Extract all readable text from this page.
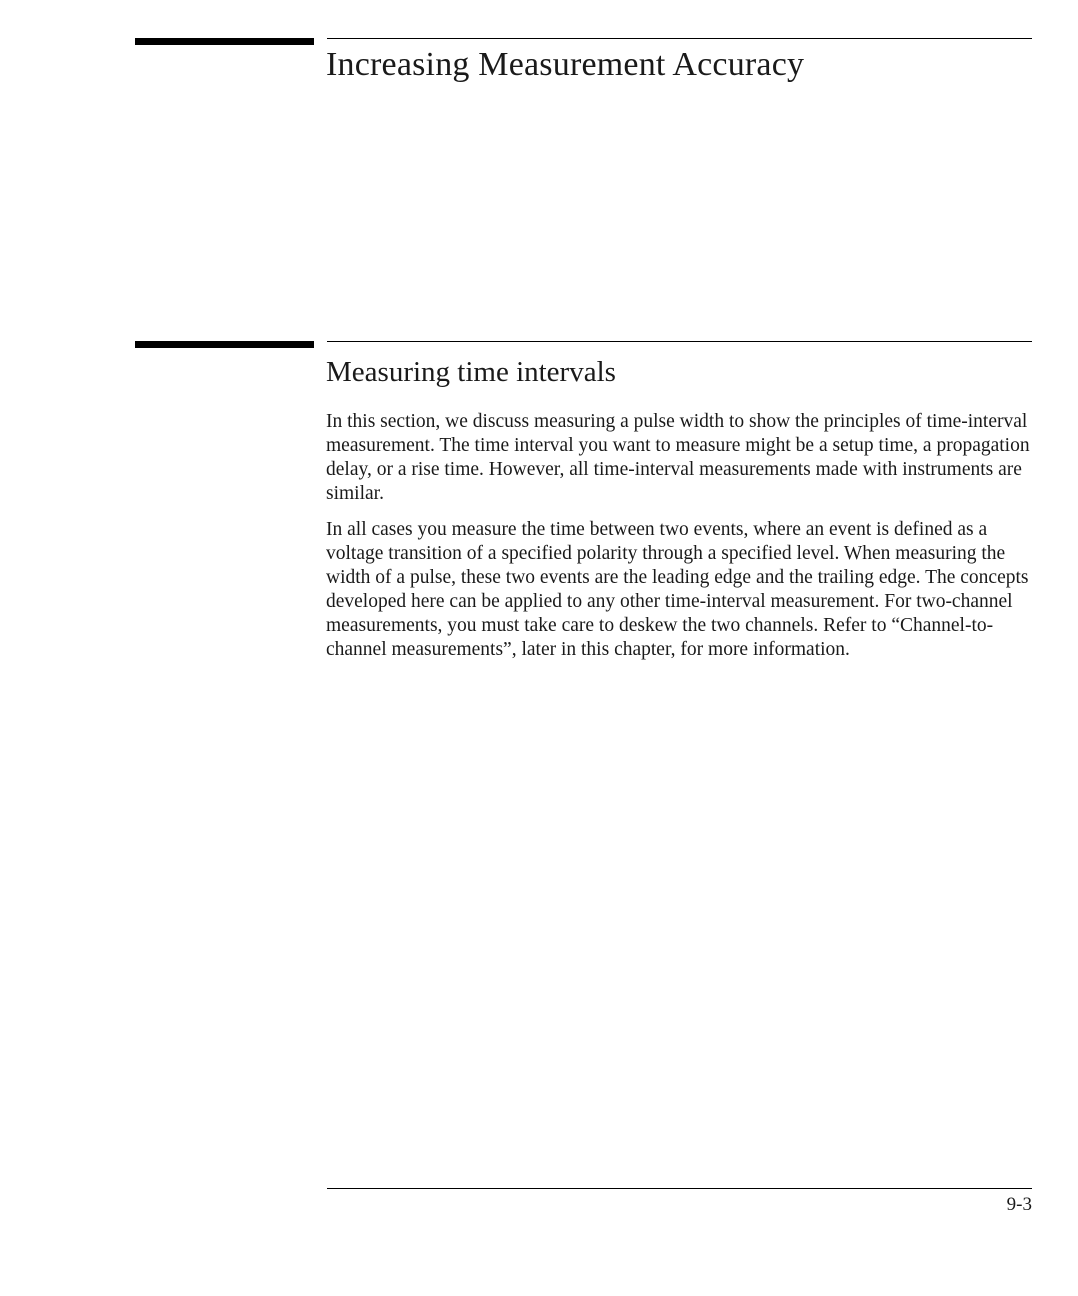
Increasing Measurement Accuracy
Measuring time intervals

In this section, we discuss measuring a pulse width to show the principles of time-interval measurement. The time interval you want to measure might be a setup time, a propagation delay, or a rise time. However, all time-interval measurements made with instruments are similar.

In all cases you measure the time between two events, where an event is defined as a voltage transition of a specified polarity through a specified level. When measuring the width of a pulse, these two events are the leading edge and the trailing edge. The concepts developed here can be applied to any other time-interval measurement. For two-channel measurements, you must take care to deskew the two channels. Refer to “Channel-to-channel measurements”, later in this chapter, for more information.

9-3
